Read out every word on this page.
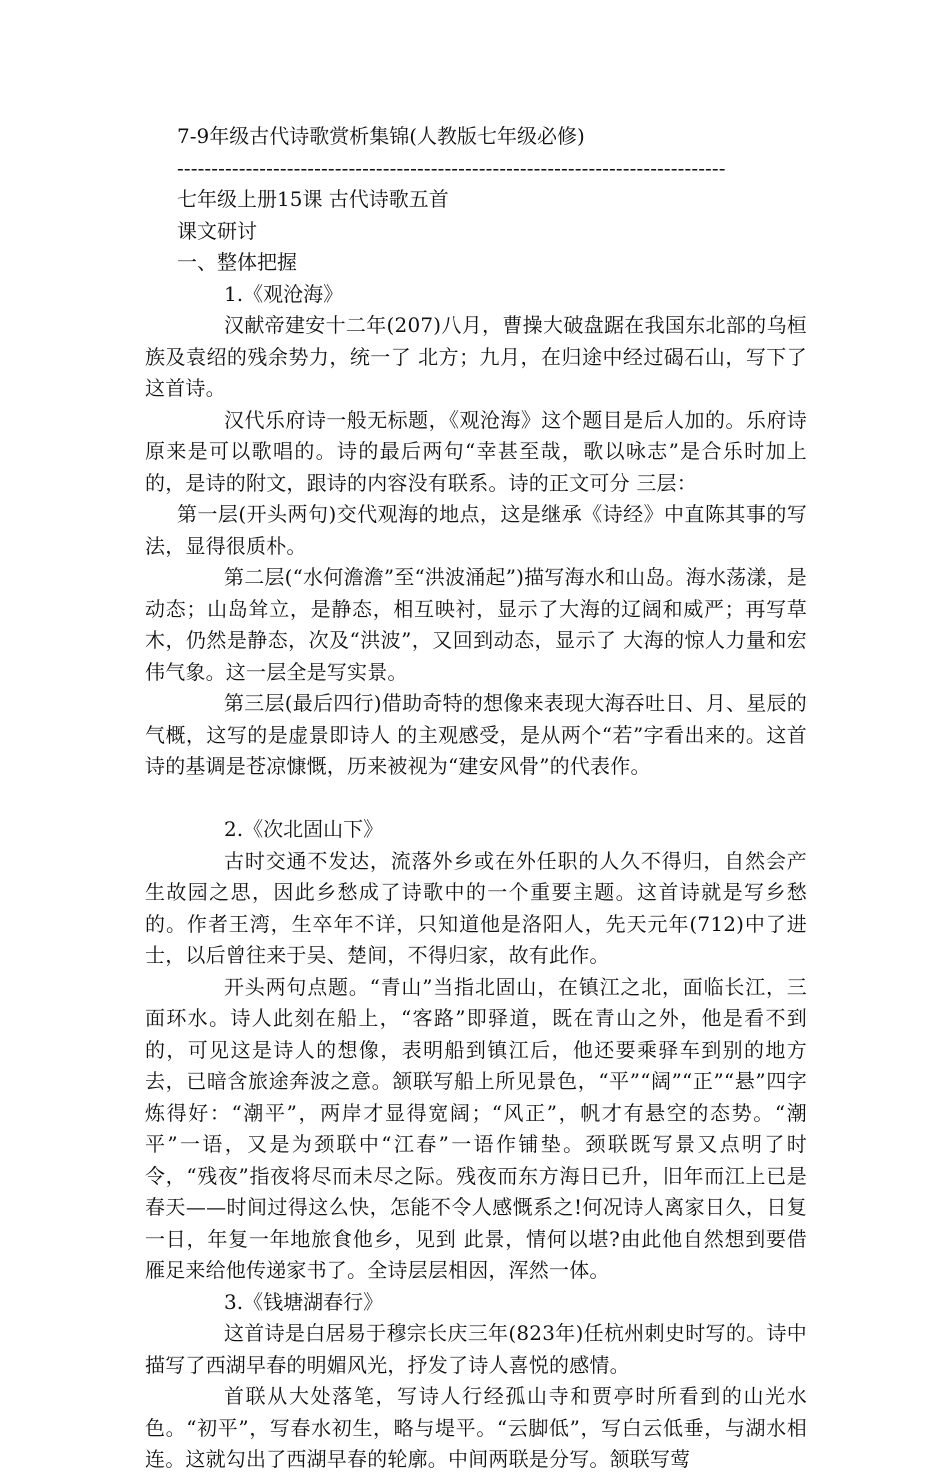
7-9年级古代诗歌赏析集锦(人教版七年级必修)
--------------------------------------------------------------------------------
七年级上册15课 古代诗歌五首
课文研讨
一、整体把握
1.《观沧海》
汉献帝建安十二年(207)八月，曹操大破盘踞在我国东北部的乌桓族及袁绍的残余势力，统一了 北方；九月，在归途中经过碣石山，写下了这首诗。
汉代乐府诗一般无标题，《观沧海》这个题目是后人加的。乐府诗原来是可以歌唱的。诗的最后两句“幸甚至哉，歌以咏志”是合乐时加上的，是诗的附文，跟诗的内容没有联系。诗的正文可分 三层：
第一层(开头两句)交代观海的地点，这是继承《诗经》中直陈其事的写法，显得很质朴。
第二层(“水何澹澹”至“洪波涌起”)描写海水和山岛。海水荡漾，是动态；山岛耸立，是静态，相互映衬，显示了大海的辽阔和威严；再写草木，仍然是静态，次及“洪波”，又回到动态，显示了 大海的惊人力量和宏伟气象。这一层全是写实景。
第三层(最后四行)借助奇特的想像来表现大海吞吐日、月、星辰的气概，这写的是虚景即诗人 的主观感受，是从两个“若”字看出来的。这首诗的基调是苍凉慷慨，历来被视为“建安风骨”的代表作。
2.《次北固山下》
古时交通不发达，流落外乡或在外任职的人久不得归，自然会产生故园之思，因此乡愁成了诗歌中的一个重要主题。这首诗就是写乡愁的。作者王湾，生卒年不详，只知道他是洛阳人，先天元年(712)中了进士，以后曾往来于吴、楚间，不得归家，故有此作。
开头两句点题。“青山”当指北固山，在镇江之北，面临长江，三面环水。诗人此刻在船上，“客路”即驿道，既在青山之外，他是看不到的，可见这是诗人的想像，表明船到镇江后，他还要乘驿车到别的地方去，已暗含旅途奔波之意。颔联写船上所见景色，“平”“阔”“正”“悬”四字炼得好：“潮平”，两岸才显得宽阔；“风正”，帆才有悬空的态势。“潮平”一语，又是为颈联中“江春”一语作铺垫。颈联既写景又点明了时令，“残夜”指夜将尽而未尽之际。残夜而东方海日已升，旧年而江上已是春天——时间过得这么快，怎能不令人感慨系之!何况诗人离家日久，日复一日，年复一年地旅食他乡，见到 此景，情何以堪?由此他自然想到要借雁足来给他传递家书了。全诗层层相因，浑然一体。
3.《钱塘湖春行》
这首诗是白居易于穆宗长庆三年(823年)任杭州刺史时写的。诗中描写了西湖早春的明媚风光，抒发了诗人喜悦的感情。
首联从大处落笔，写诗人行经孤山寺和贾亭时所看到的山光水色。“初平”，写春水初生，略与堤平。“云脚低”，写白云低垂，与湖水相连。这就勾出了西湖早春的轮廓。中间两联是分写。颔联写莺
